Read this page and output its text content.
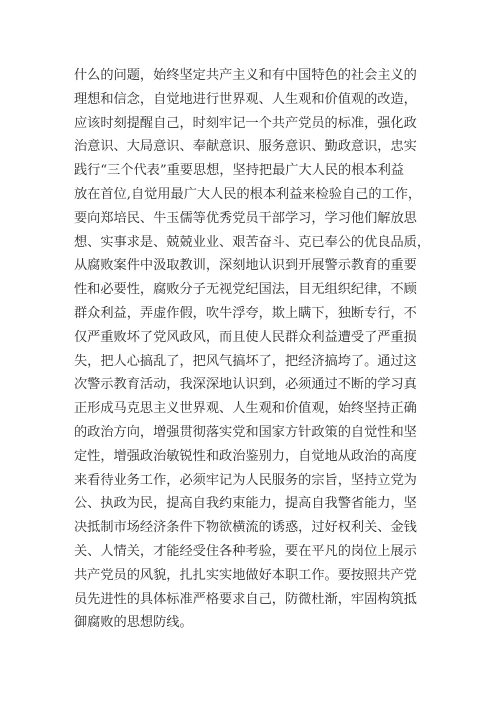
什么的问题，始终坚定共产主义和有中国特色的社会主义的
理想和信念，自觉地进行世界观、人生观和价值观的改造，
应该时刻提醒自己，时刻牢记一个共产党员的标准，强化政
治意识、大局意识、奉献意识、服务意识、勤政意识，忠实
践行“三个代表”重要思想，坚持把最广大人民的根本利益
放在首位,自觉用最广大人民的根本利益来检验自己的工作，
要向郑培民、牛玉儒等优秀党员干部学习，学习他们解放思
想、实事求是、兢兢业业、艰苦奋斗、克已奉公的优良品质，
从腐败案件中汲取教训，深刻地认识到开展警示教育的重要
性和必要性，腐败分子无视党纪国法，目无组织纪律，不顾
群众利益，弄虚作假，吹牛浮夸，欺上瞒下，独断专行，不
仅严重败坏了党风政风，而且使人民群众利益遭受了严重损
失，把人心搞乱了，把风气搞坏了，把经济搞垮了。通过这
次警示教育活动，我深深地认识到，必须通过不断的学习真
正形成马克思主义世界观、人生观和价值观，始终坚持正确
的政治方向，增强贯彻落实党和国家方针政策的自觉性和坚
定性，增强政治敏锐性和政治鉴别力，自觉地从政治的高度
来看待业务工作，必须牢记为人民服务的宗旨，坚持立党为
公、执政为民，提高自我约束能力，提高自我警省能力，坚
决抵制市场经济条件下物欲横流的诱惑，过好权利关、金钱
关、人情关，才能经受住各种考验，要在平凡的岗位上展示
共产党员的风貌，扎扎实实地做好本职工作。要按照共产党
员先进性的具体标准严格要求自己，防微杜渐，牢固构筑抵
御腐败的思想防线。
